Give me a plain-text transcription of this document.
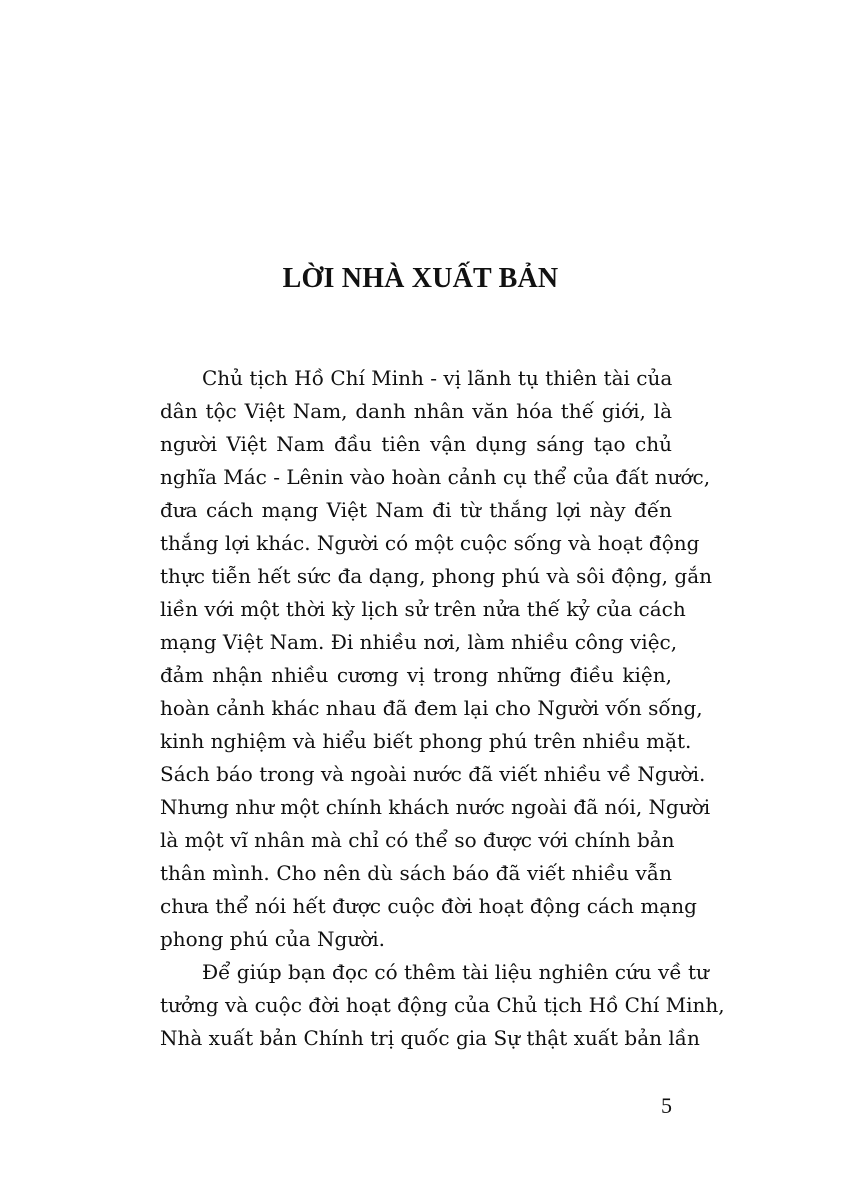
LỜI NHÀ XUẤT BẢN
Chủ tịch Hồ Chí Minh - vị lãnh tụ thiên tài của
dân tộc Việt Nam, danh nhân văn hóa thế giới, là
người Việt Nam đầu tiên vận dụng sáng tạo chủ
nghĩa Mác - Lênin vào hoàn cảnh cụ thể của đất nước,
đưa cách mạng Việt Nam đi từ thắng lợi này đến
thắng lợi khác. Người có một cuộc sống và hoạt động
thực tiễn hết sức đa dạng, phong phú và sôi động, gắn
liền với một thời kỳ lịch sử trên nửa thế kỷ của cách
mạng Việt Nam. Đi nhiều nơi, làm nhiều công việc,
đảm nhận nhiều cương vị trong những điều kiện,
hoàn cảnh khác nhau đã đem lại cho Người vốn sống,
kinh nghiệm và hiểu biết phong phú trên nhiều mặt.
Sách báo trong và ngoài nước đã viết nhiều về Người.
Nhưng như một chính khách nước ngoài đã nói, Người
là một vĩ nhân mà chỉ có thể so được với chính bản
thân mình. Cho nên dù sách báo đã viết nhiều vẫn
chưa thể nói hết được cuộc đời hoạt động cách mạng
phong phú của Người.
Để giúp bạn đọc có thêm tài liệu nghiên cứu về tư
tưởng và cuộc đời hoạt động của Chủ tịch Hồ Chí Minh,
Nhà xuất bản Chính trị quốc gia Sự thật xuất bản lần
5
